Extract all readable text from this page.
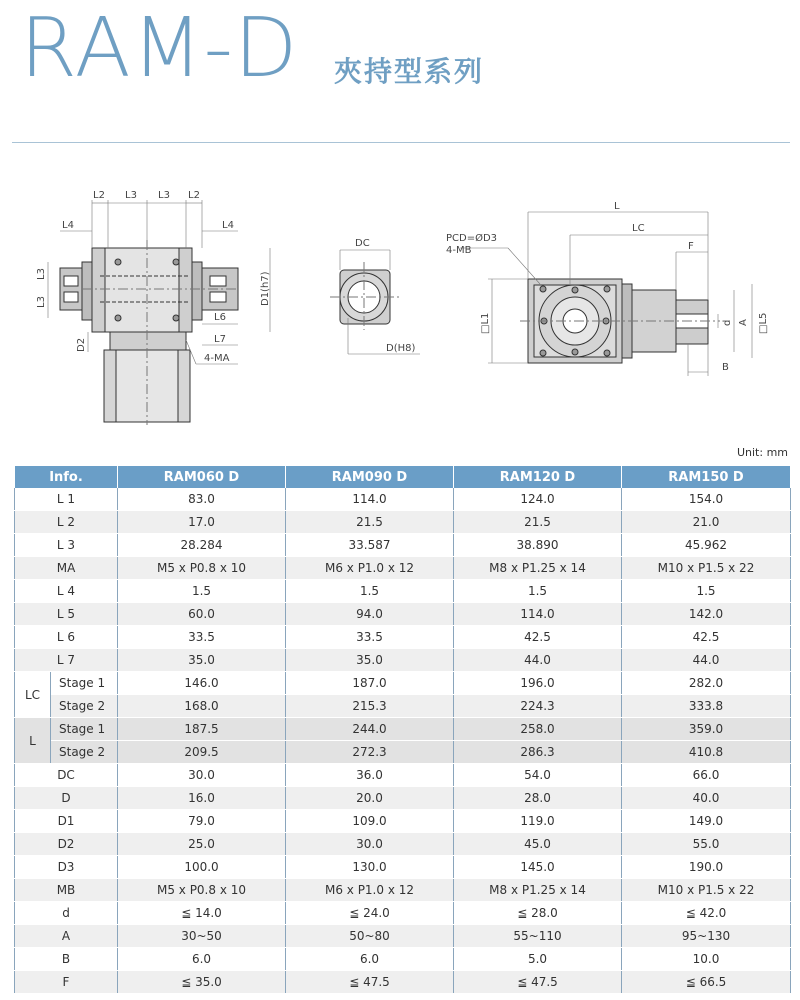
RAM-D 夾持型系列
L2 L3 L3 L2
L4	L4
L3
L3	D1(h7)
L6
L7
D2
4-MA
DC
D(H8)
L
LC
F
PCD=ØD3
4-MB
□L1	d A □L5
B
Unit: mm
Info.		RAM060 D	RAM090 D	RAM120 D	RAM150 D
L 1		83.0	114.0	124.0	154.0
L 2		17.0	21.5	21.5	21.0
L 3		28.284	33.587	38.890	45.962
MA		M5 x P0.8 x 10	M6 x P1.0 x 12	M8 x P1.25 x 14	M10 x P1.5 x 22
L 4		1.5	1.5	1.5	1.5
L 5		60.0	94.0	114.0	142.0
L 6		33.5	33.5	42.5	42.5
L 7		35.0	35.0	44.0	44.0
LC	Stage 1	146.0	187.0	196.0	282.0
	Stage 2	168.0	215.3	224.3	333.8
L	Stage 1	187.5	244.0	258.0	359.0
	Stage 2	209.5	272.3	286.3	410.8
DC		30.0	36.0	54.0	66.0
D		16.0	20.0	28.0	40.0
D1		79.0	109.0	119.0	149.0
D2		25.0	30.0	45.0	55.0
D3		100.0	130.0	145.0	190.0
MB		M5 x P0.8 x 10	M6 x P1.0 x 12	M8 x P1.25 x 14	M10 x P1.5 x 22
d		≦ 14.0	≦ 24.0	≦ 28.0	≦ 42.0
A		30~50	50~80	55~110	95~130
B		6.0	6.0	5.0	10.0
F		≦ 35.0	≦ 47.5	≦ 47.5	≦ 66.5
